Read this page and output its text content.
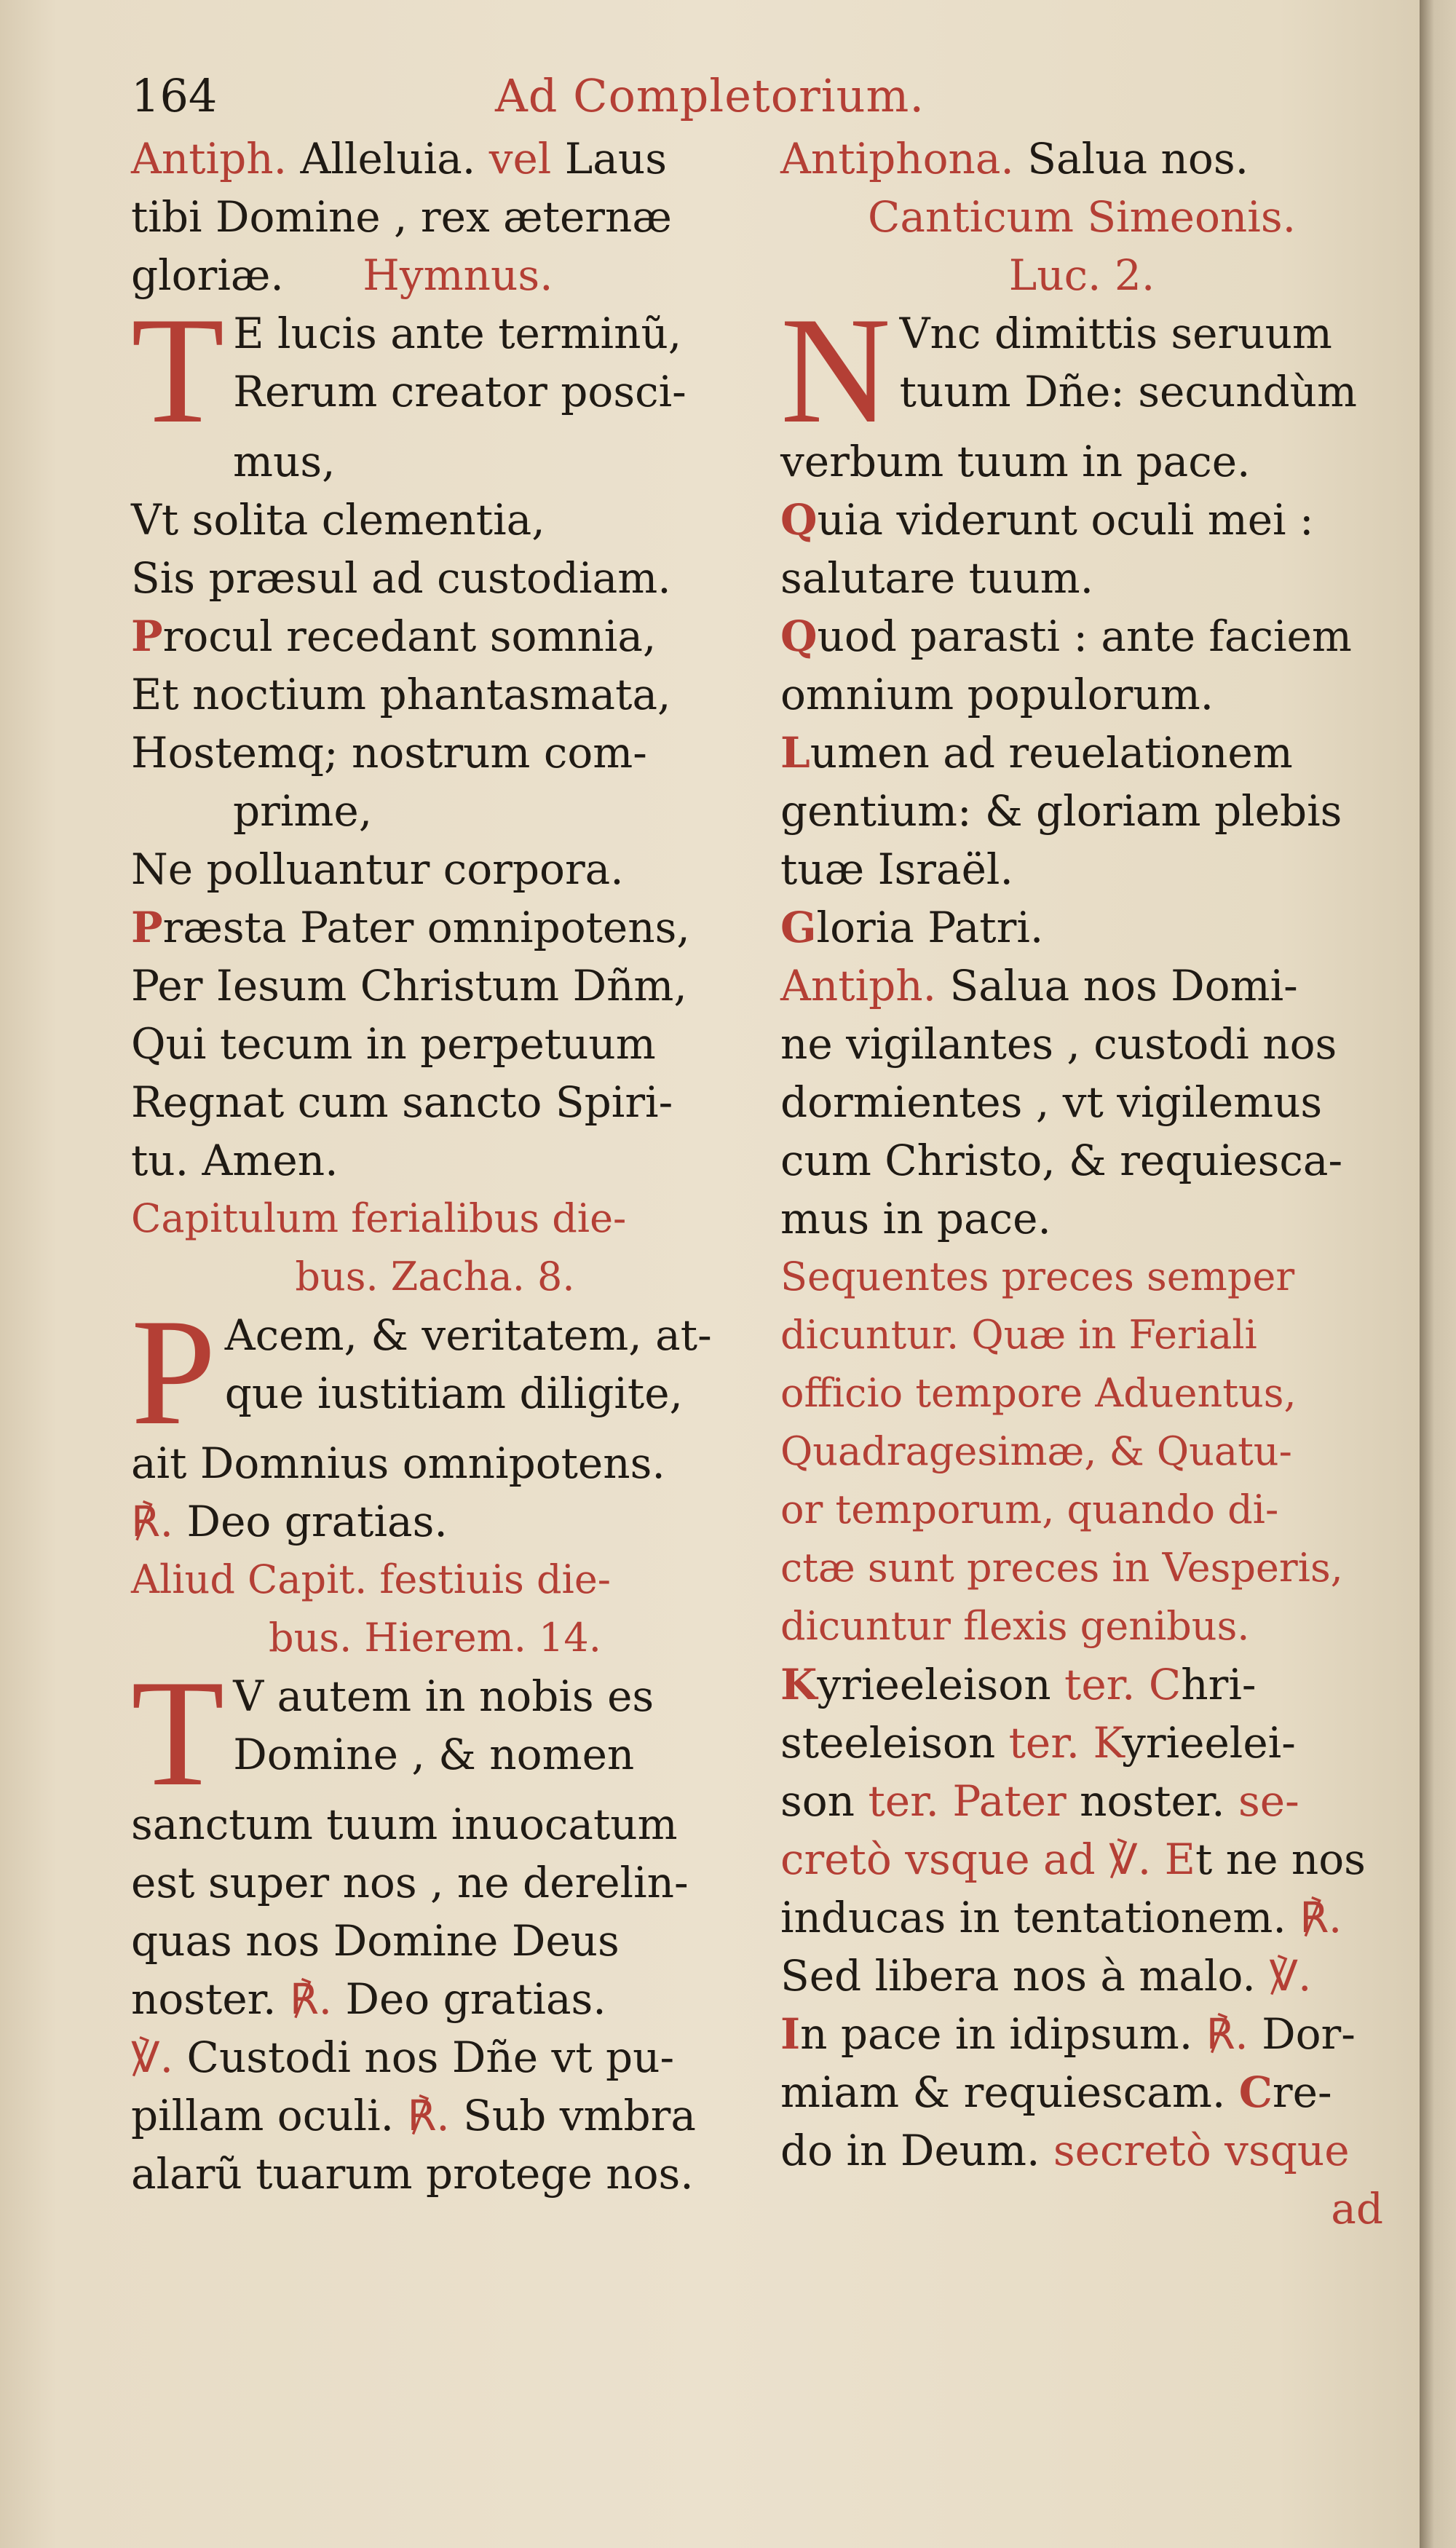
164	Ad Completorium.
Antiph. Alleluia. vel Laus
tibi Domine , rex æternæ
gloriæ. Hymnus.
T E lucis ante terminũ,
Rerum creator posci-
mus,
Vt solita clementia,
Sis præsul ad custodiam.
Procul recedant somnia,
Et noctium phantasmata,
Hostemq; nostrum com-
prime,
Ne polluantur corpora.
Præsta Pater omnipotens,
Per Iesum Christum Dñm,
Qui tecum in perpetuum
Regnat cum sancto Spiri-
tu. Amen.
Capitulum ferialibus die-
bus. Zacha. 8.
P Acem, & veritatem, at-
que iustitiam diligite,
ait Domnius omnipotens.
℟. Deo gratias.
Aliud Capit. festiuis die-
bus. Hierem. 14.
T V autem in nobis es
Domine , & nomen
sanctum tuum inuocatum
est super nos , ne derelin-
quas nos Domine Deus
noster. ℟. Deo gratias.
℣. Custodi nos Dñe vt pu-
pillam oculi. ℟. Sub vmbra
alarũ tuarum protege nos.
Antiphona. Salua nos.
Canticum Simeonis.
Luc. 2.
N Vnc dimittis seruum
tuum Dñe: secundùm
verbum tuum in pace.
Quia viderunt oculi mei :
salutare tuum.
Quod parasti : ante faciem
omnium populorum.
Lumen ad reuelationem
gentium: & gloriam plebis
tuæ Israël.
Gloria Patri.
Antiph. Salua nos Domi-
ne vigilantes , custodi nos
dormientes , vt vigilemus
cum Christo, & requiesca-
mus in pace.
Sequentes preces semper
dicuntur. Quæ in Feriali
officio tempore Aduentus,
Quadragesimæ, & Quatu-
or temporum, quando di-
ctæ sunt preces in Vesperis,
dicuntur flexis genibus.
Kyrieeleison ter. Chri-
steeleison ter. Kyrieelei-
son ter. Pater noster. se-
cretò vsque ad ℣. Et ne nos
inducas in tentationem. ℟.
Sed libera nos à malo. ℣.
In pace in idipsum. ℟. Dor-
miam & requiescam. Cre-
do in Deum. secretò vsque
ad
